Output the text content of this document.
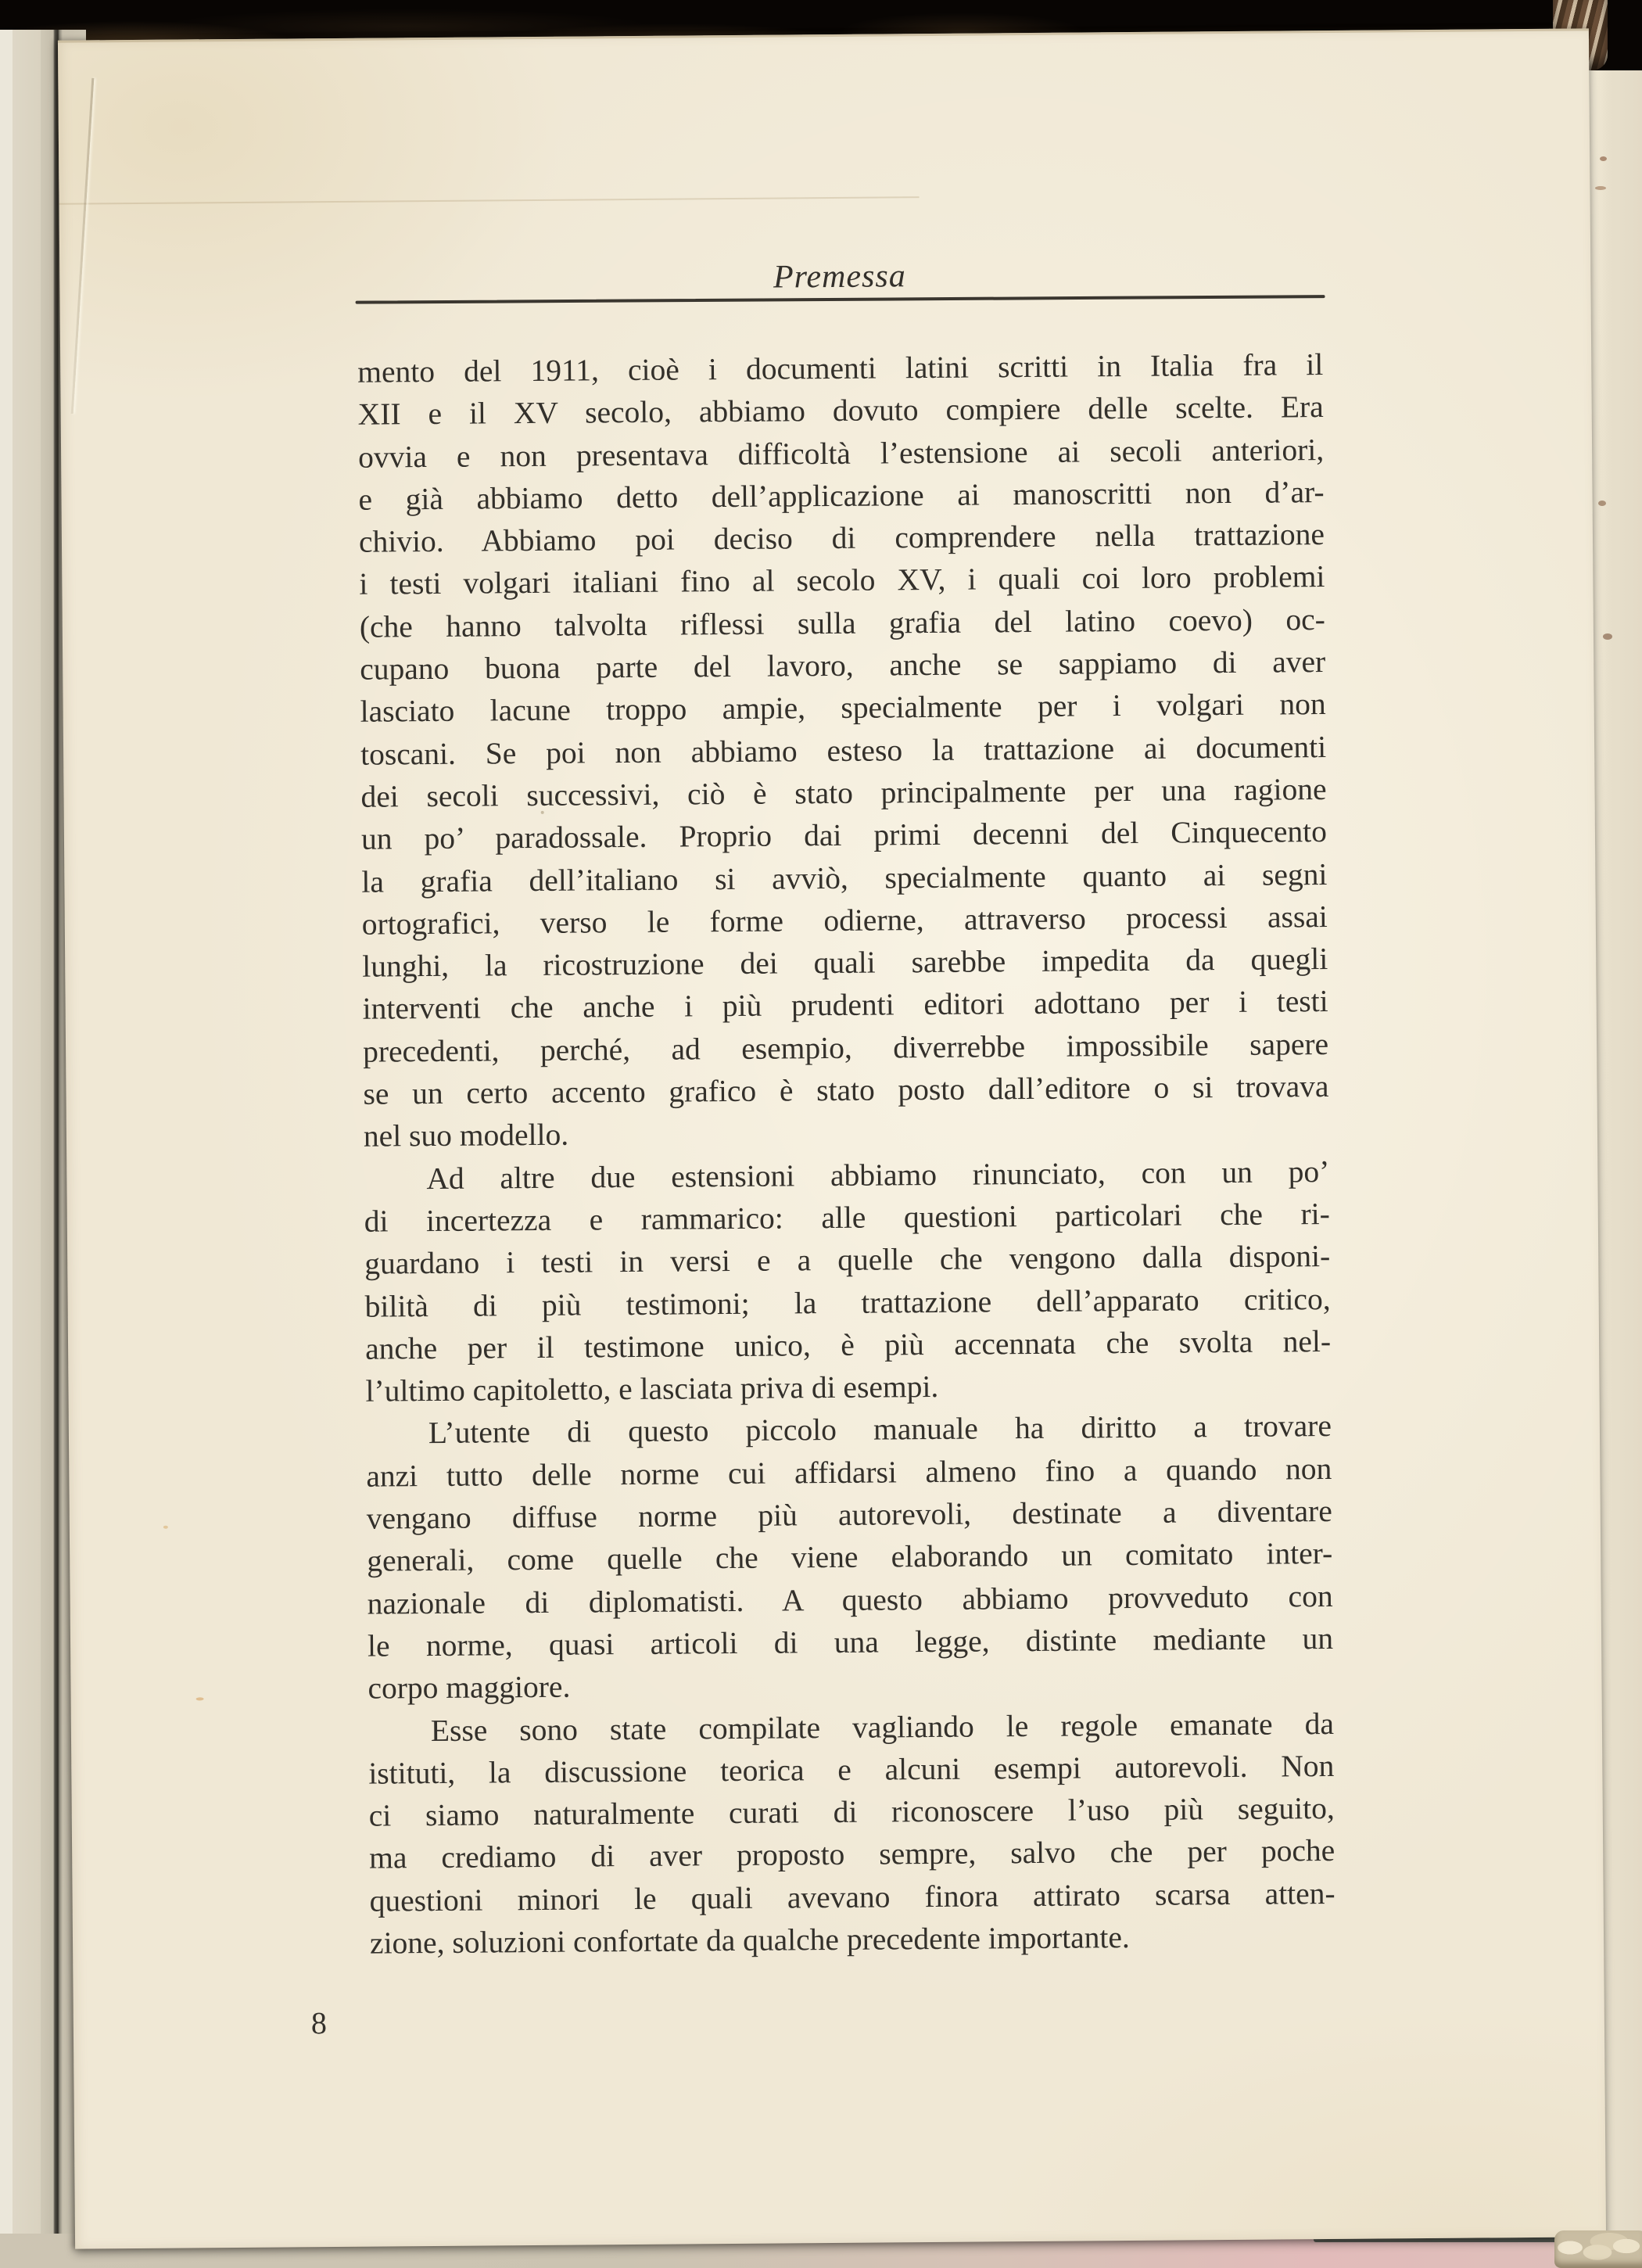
Premessa
mento del 1911, cioè i documenti latini scritti in Italia fra il
XII e il XV secolo, abbiamo dovuto compiere delle scelte. Era
ovvia e non presentava difficoltà l’estensione ai secoli anteriori,
e già abbiamo detto dell’applicazione ai manoscritti non d’ar-
chivio. Abbiamo poi deciso di comprendere nella trattazione
i testi volgari italiani fino al secolo XV, i quali coi loro problemi
(che hanno talvolta riflessi sulla grafia del latino coevo) oc-
cupano buona parte del lavoro, anche se sappiamo di aver
lasciato lacune troppo ampie, specialmente per i volgari non
toscani. Se poi non abbiamo esteso la trattazione ai documenti
dei secoli successivi, ciò è stato principalmente per una ragione
un po’ paradossale. Proprio dai primi decenni del Cinquecento
la grafia dell’italiano si avviò, specialmente quanto ai segni
ortografici, verso le forme odierne, attraverso processi assai
lunghi, la ricostruzione dei quali sarebbe impedita da quegli
interventi che anche i più prudenti editori adottano per i testi
precedenti, perché, ad esempio, diverrebbe impossibile sapere
se un certo accento grafico è stato posto dall’editore o si trovava
nel suo modello.
Ad altre due estensioni abbiamo rinunciato, con un po’
di incertezza e rammarico: alle questioni particolari che ri-
guardano i testi in versi e a quelle che vengono dalla disponi-
bilità di più testimoni; la trattazione dell’apparato critico,
anche per il testimone unico, è più accennata che svolta nel-
l’ultimo capitoletto, e lasciata priva di esempi.
L’utente di questo piccolo manuale ha diritto a trovare
anzi tutto delle norme cui affidarsi almeno fino a quando non
vengano diffuse norme più autorevoli, destinate a diventare
generali, come quelle che viene elaborando un comitato inter-
nazionale di diplomatisti. A questo abbiamo provveduto con
le norme, quasi articoli di una legge, distinte mediante un
corpo maggiore.
Esse sono state compilate vagliando le regole emanate da
istituti, la discussione teorica e alcuni esempi autorevoli. Non
ci siamo naturalmente curati di riconoscere l’uso più seguito,
ma crediamo di aver proposto sempre, salvo che per poche
questioni minori le quali avevano finora attirato scarsa atten-
zione, soluzioni confortate da qualche precedente importante.
8
